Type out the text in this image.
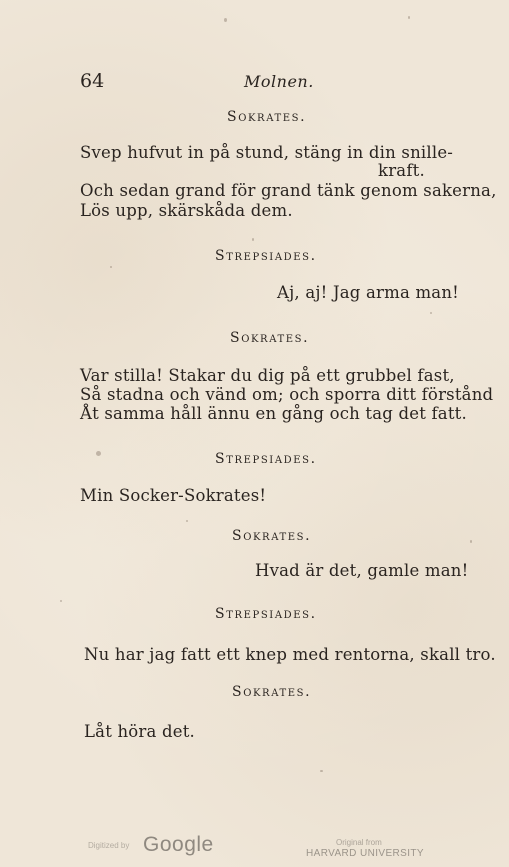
64	Molnen.
Sokrates.
Svep hufvut in på stund, stäng in din snille-
kraft.
Och sedan grand för grand tänk genom sakerna,
Lös upp, skärskåda dem.
Strepsiades.
Aj, aj! Jag arma man!
Sokrates.
Var stilla! Stakar du dig på ett grubbel fast,
Så stadna och vänd om; och sporra ditt förstånd
Åt samma håll ännu en gång och tag det fatt.
Strepsiades.
Min Socker-Sokrates!
Sokrates.
Hvad är det, gamle man!
Strepsiades.
Nu har jag fatt ett knep med rentorna, skall tro.
Sokrates.
Låt höra det.
Digitized by Google	Original from
HARVARD UNIVERSITY
